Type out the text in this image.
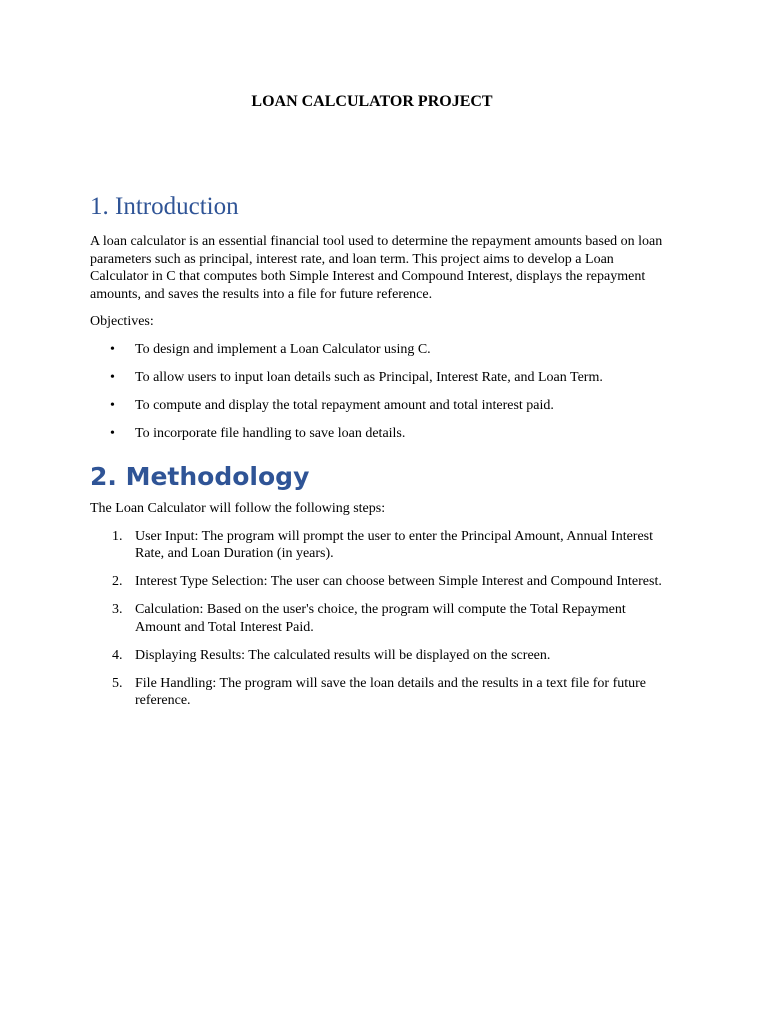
LOAN CALCULATOR PROJECT
1. Introduction

A loan calculator is an essential financial tool used to determine the repayment amounts based on loan parameters such as principal, interest rate, and loan term. This project aims to develop a Loan Calculator in C that computes both Simple Interest and Compound Interest, displays the repayment amounts, and saves the results into a file for future reference.

Objectives:

• To design and implement a Loan Calculator using C.
• To allow users to input loan details such as Principal, Interest Rate, and Loan Term.
• To compute and display the total repayment amount and total interest paid.
• To incorporate file handling to save loan details.
2. Methodology

The Loan Calculator will follow the following steps:

1. User Input: The program will prompt the user to enter the Principal Amount, Annual Interest Rate, and Loan Duration (in years).
2. Interest Type Selection: The user can choose between Simple Interest and Compound Interest.
3. Calculation: Based on the user's choice, the program will compute the Total Repayment Amount and Total Interest Paid.
4. Displaying Results: The calculated results will be displayed on the screen.
5. File Handling: The program will save the loan details and the results in a text file for future reference.
